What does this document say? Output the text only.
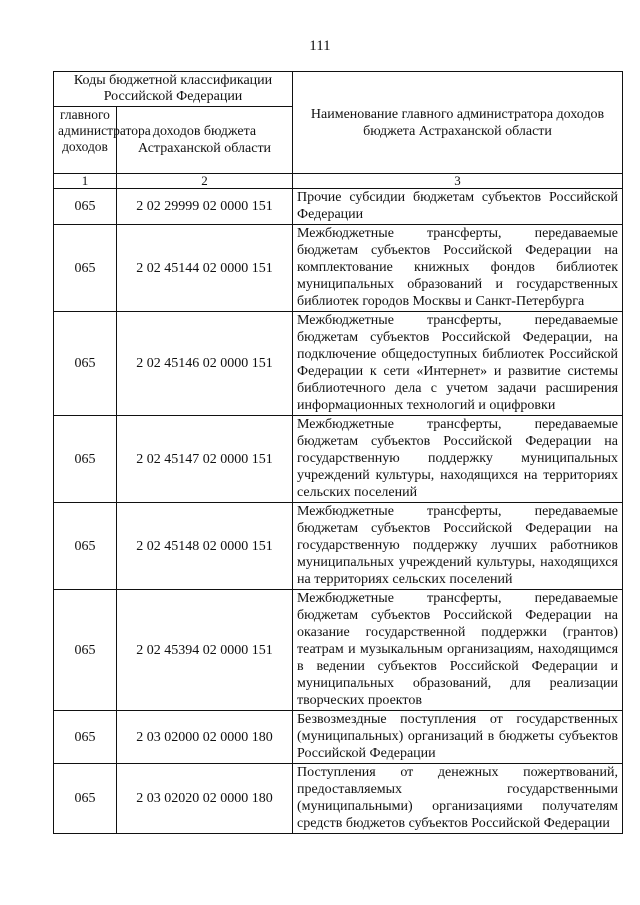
111
Коды бюджетной классификации Российской Федерации		Наименование главного администратора доходов бюджета Астраханской области
главного администратора доходов	доходов бюджета Астраханской области	
1	2	3
065	2 02 29999 02 0000 151	Прочие субсидии бюджетам субъектов Российской Федерации
065	2 02 45144 02 0000 151	Межбюджетные трансферты, передаваемые бюджетам субъектов Российской Федерации на комплектование книжных фондов библиотек муниципальных образований и государственных библиотек городов Москвы и Санкт-Петербурга
065	2 02 45146 02 0000 151	Межбюджетные трансферты, передаваемые бюджетам субъектов Российской Федерации, на подключение общедоступных библиотек Российской Федерации к сети «Интернет» и развитие системы библиотечного дела с учетом задачи расширения информационных технологий и оцифровки
065	2 02 45147 02 0000 151	Межбюджетные трансферты, передаваемые бюджетам субъектов Российской Федерации на государственную поддержку муниципальных учреждений культуры, находящихся на территориях сельских поселений
065	2 02 45148 02 0000 151	Межбюджетные трансферты, передаваемые бюджетам субъектов Российской Федерации на государственную поддержку лучших работников муниципальных учреждений культуры, находящихся на территориях сельских поселений
065	2 02 45394 02 0000 151	Межбюджетные трансферты, передаваемые бюджетам субъектов Российской Федерации на оказание государственной поддержки (грантов) театрам и музыкальным организациям, находящимся в ведении субъектов Российской Федерации и муниципальных образований, для реализации творческих проектов
065	2 03 02000 02 0000 180	Безвозмездные поступления от государственных (муниципальных) организаций в бюджеты субъектов Российской Федерации
065	2 03 02020 02 0000 180	Поступления от денежных пожертвований, предоставляемых государственными (муниципальными) организациями получателям средств бюджетов субъектов Российской Федерации
